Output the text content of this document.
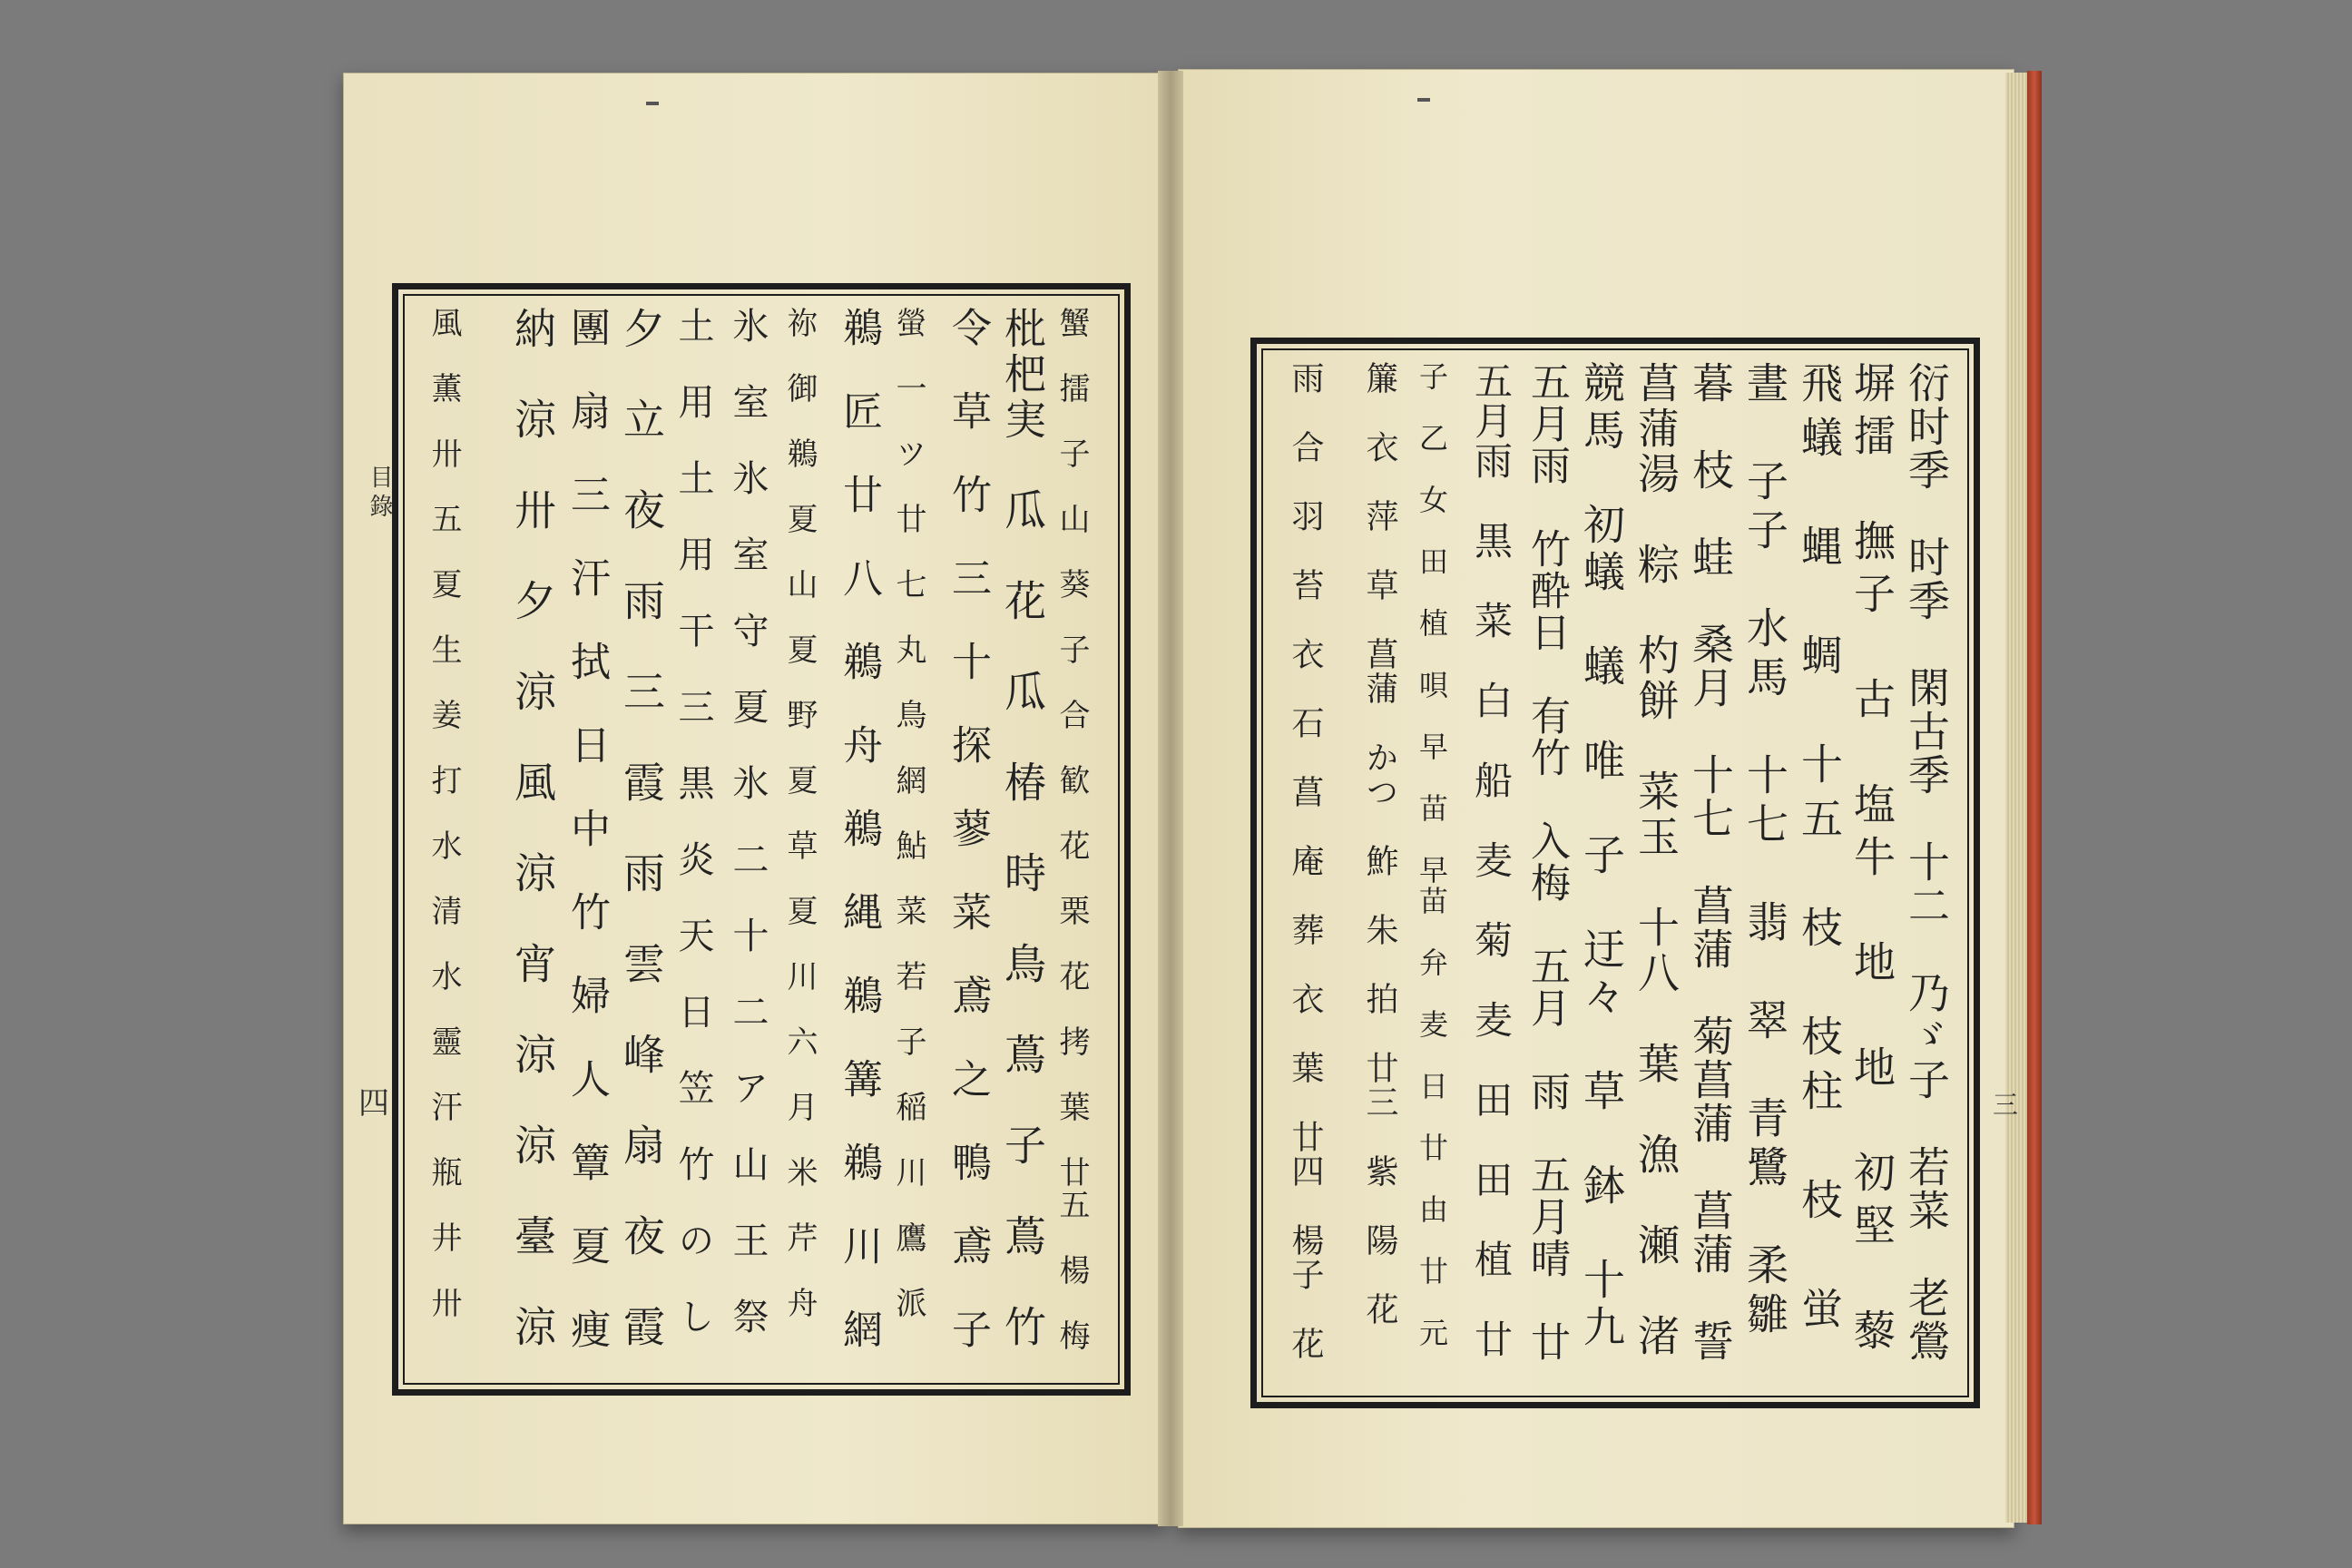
目錄
四	三
衍时季　时季　閑古季　十二　乃ゞ子　若菜　老鶯
塀擂　撫子　古　塩牛　地　地　初堅　藜
飛蟻　蝿　蜩　十五　枝　枝柱　枝　蛍
晝　子子　水馬　十七　翡　翠　青鷺　柔雛
暮　枝　蛙　桑月　十七　菖蒲　菊菖蒲　菖蒲　誓
菖蒲湯　粽　杓餅　菜玉　十八　葉　漁　瀬　渚
競馬　初蟻　蟻　唯　子　迂々　草　鉢　十九
五月雨　竹酔日　有竹　入梅　五月　雨　五月晴　廿
五月雨　黒　菜　白　船　麦　菊　麦　田　田　植　廿
子　乙　女　田　植　唄　早　苗　早苗　弁　麦　日　廿　由　廿　元
簾　衣　萍　草　菖蒲　かつ　鮓　朱　拍　廿三　紫　陽　花
雨　合　羽　苔　衣　石　菖　庵　葬　衣　葉　廿四　楊子　花
蟹　擂　子　山　葵　子　合　歓　花　栗　花　拷　葉　廿五　楊　梅
枇杷実　瓜　花　瓜　椿　時　鳥　蔦　子　蔦　竹
令　草　竹　三　十　探　蓼　菜　鳶　之　鴨　鳶　子
螢　一　ツ　廿　七　丸　鳥　網　鮎　菜　若　子　稲　川　鷹　派
鵜　匠　廿　八　鵜　舟　鵜　縄　鵜　篝　鵜　川　網
祢　御　鵜　夏　山　夏　野　夏　草　夏　川　六　月　米　芹　舟
氷　室　氷　室　守　夏　氷　二　十　二　ア　山　王　祭
土　用　土　用　干　三　黒　炎　天　日　笠　竹　の　し
夕　立　夜　雨　三　霞　雨　雲　峰　扇　夜　霞
團　扇　三　汗　拭　日　中　竹　婦　人　簟　夏　痩
納　涼　卅　夕　涼　風　涼　宵　涼　涼　臺　涼
風　薫　卅　五　夏　生　姜　打　水　清　水　靈　汗　瓶　井　卅
